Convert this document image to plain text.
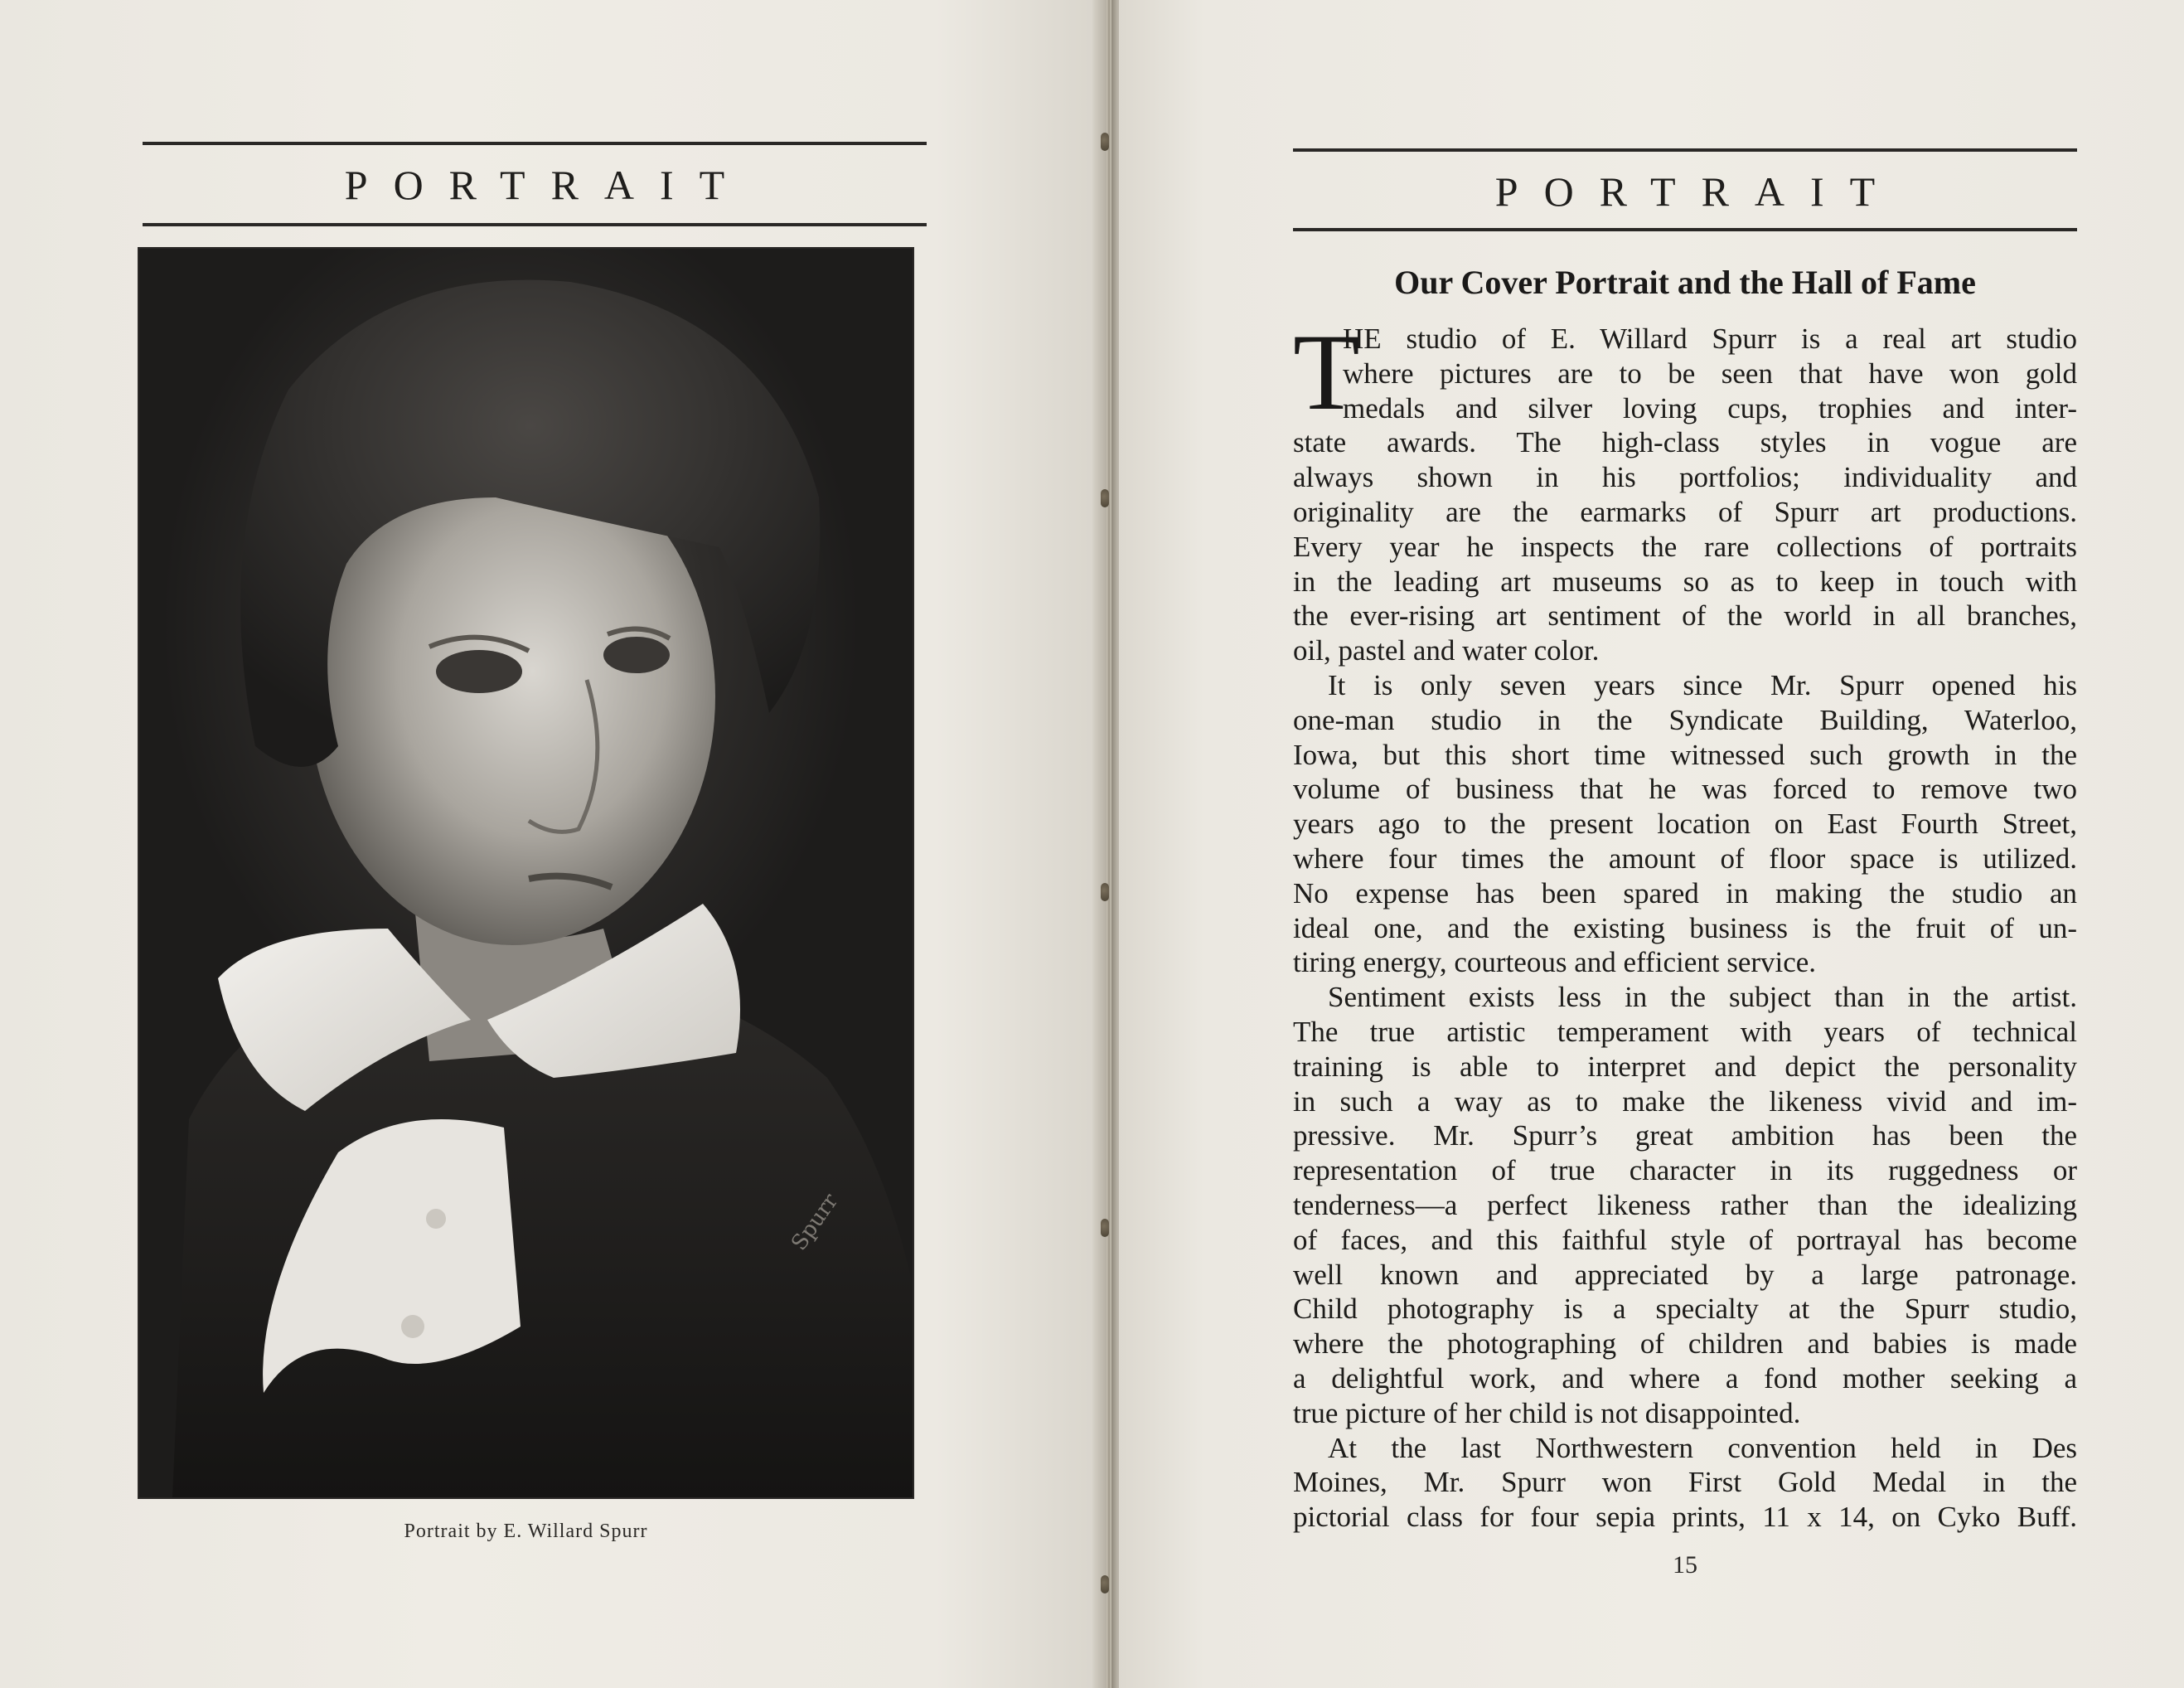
PORTRAIT
Spurr
Portrait by E. Willard Spurr
PORTRAIT
Our Cover Portrait and the Hall of Fame
T
HE studio of E. Willard Spurr is a real art studio
where pictures are to be seen that have won gold
medals and silver loving cups, trophies and inter-
state awards. The high-class styles in vogue are
always shown in his portfolios; individuality and
originality are the earmarks of Spurr art productions.
Every year he inspects the rare collections of portraits
in the leading art museums so as to keep in touch with
the ever-rising art sentiment of the world in all branches,
oil, pastel and water color.
It is only seven years since Mr. Spurr opened his
one-man studio in the Syndicate Building, Waterloo,
Iowa, but this short time witnessed such growth in the
volume of business that he was forced to remove two
years ago to the present location on East Fourth Street,
where four times the amount of floor space is utilized.
No expense has been spared in making the studio an
ideal one, and the existing business is the fruit of un-
tiring energy, courteous and efficient service.
Sentiment exists less in the subject than in the artist.
The true artistic temperament with years of technical
training is able to interpret and depict the personality
in such a way as to make the likeness vivid and im-
pressive. Mr. Spurr’s great ambition has been the
representation of true character in its ruggedness or
tenderness—a perfect likeness rather than the idealizing
of faces, and this faithful style of portrayal has become
well known and appreciated by a large patronage.
Child photography is a specialty at the Spurr studio,
where the photographing of children and babies is made
a delightful work, and where a fond mother seeking a
true picture of her child is not disappointed.
At the last Northwestern convention held in Des
Moines, Mr. Spurr won First Gold Medal in the
pictorial class for four sepia prints, 11 x 14, on Cyko Buff.
15
